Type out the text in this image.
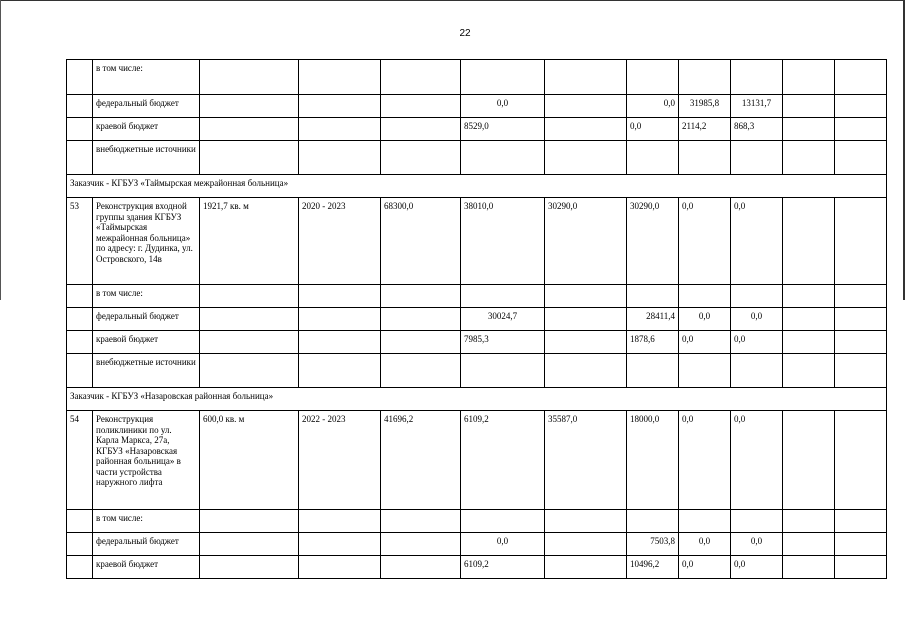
22
	в том числе:										
	федеральный бюджет				0,0		0,0	31985,8	13131,7		
	краевой бюджет				8529,0		0,0	2114,2	868,3		
	внебюджетные источники										
Заказчик - КГБУЗ «Таймырская межрайонная больница»											
53	Реконструкция входной группы здания КГБУЗ «Таймырская межрайонная больница» по адресу: г. Дудинка, ул. Островского, 14в	1921,7 кв. м	2020 - 2023	68300,0	38010,0	30290,0	30290,0	0,0	0,0		
	в том числе:										
	федеральный бюджет				30024,7		28411,4	0,0	0,0		
	краевой бюджет				7985,3		1878,6	0,0	0,0		
	внебюджетные источники										
Заказчик - КГБУЗ «Назаровская районная больница»											
54	Реконструкция поликлиники по ул. Карла Маркса, 27а, КГБУЗ «Назаровская районная больница» в части устройства наружного лифта	600,0 кв. м	2022 - 2023	41696,2	6109,2	35587,0	18000,0	0,0	0,0		
	в том числе:										
	федеральный бюджет				0,0		7503,8	0,0	0,0		
	краевой бюджет				6109,2		10496,2	0,0	0,0		
